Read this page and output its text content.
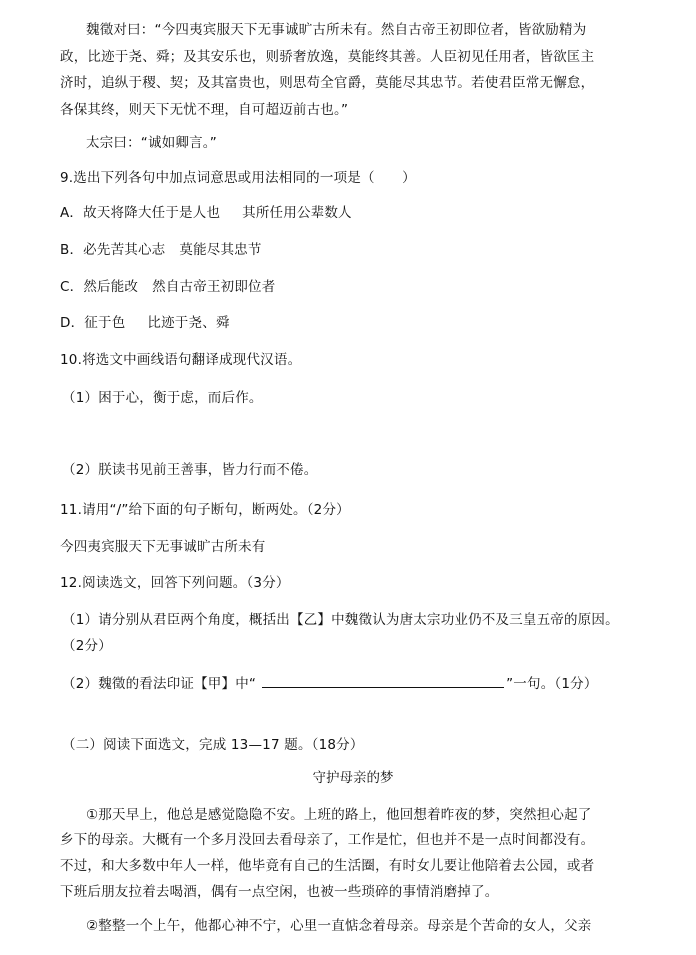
魏徵对曰：“今四夷宾服天下无事诚旷古所未有。然自古帝王初即位者，皆欲励精为
政，比迹于尧、舜；及其安乐也，则骄奢放逸，莫能终其善。人臣初见任用者，皆欲匡主
济时，追纵于稷、契；及其富贵也，则思苟全官爵，莫能尽其忠节。若使君臣常无懈怠，
各保其终，则天下无忧不理，自可超迈前古也。”
太宗曰：“诚如卿言。”
9.选出下列各句中加点词意思或用法相同的一项是（　　）
A．故天将降大任于是人也 其所任用公辈数人
B．必先苦其心志 莫能尽其忠节
C．然后能改 然自古帝王初即位者
D．征于色 比迹于尧、舜
10.将选文中画线语句翻译成现代汉语。
（1）困于心，衡于虑，而后作。
（2）朕读书见前王善事，皆力行而不倦。
11.请用“/”给下面的句子断句，断两处。（2分）
今四夷宾服天下无事诚旷古所未有
12.阅读选文，回答下列问题。（3分）
（1）请分别从君臣两个角度，概括出【乙】中魏徵认为唐太宗功业仍不及三皇五帝的原因。
（2分）
（2）魏徵的看法印证【甲】中“	”一句。（1分）
（二）阅读下面选文，完成 13—17 题。（18分）
守护母亲的梦
①那天早上，他总是感觉隐隐不安。上班的路上，他回想着昨夜的梦，突然担心起了
乡下的母亲。大概有一个多月没回去看母亲了，工作是忙，但也并不是一点时间都没有。
不过，和大多数中年人一样，他毕竟有自己的生活圈，有时女儿要让他陪着去公园，或者
下班后朋友拉着去喝酒，偶有一点空闲，也被一些琐碎的事情消磨掉了。
②整整一个上午，他都心神不宁，心里一直惦念着母亲。母亲是个苦命的女人，父亲
